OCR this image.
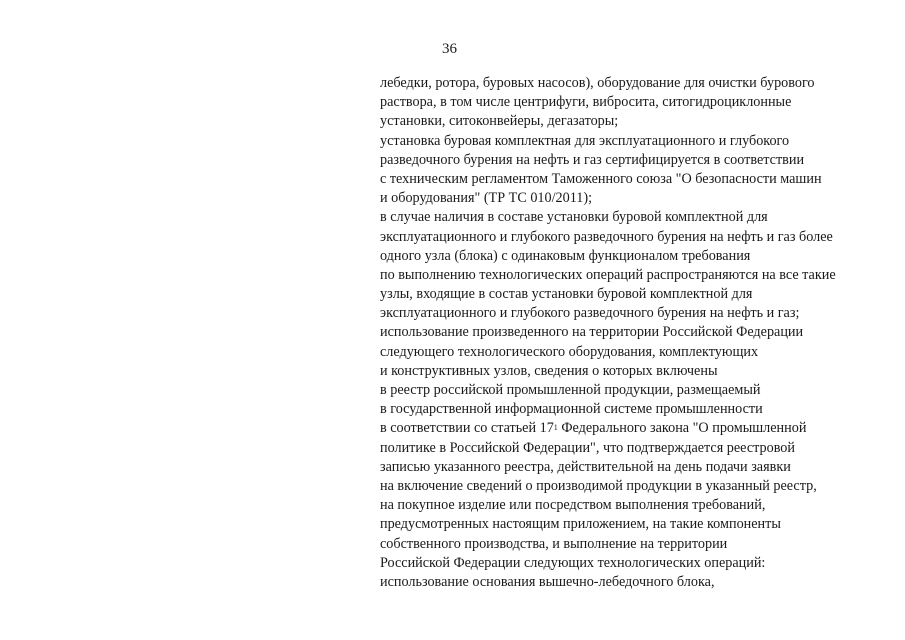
36
лебедки, ротора, буровых насосов), оборудование для очистки бурового
раствора, в том числе центрифуги, вибросита, ситогидроциклонные
установки, ситоконвейеры, дегазаторы;
установка буровая комплектная для эксплуатационного и глубокого
разведочного бурения на нефть и газ сертифицируется в соответствии
с техническим регламентом Таможенного союза "О безопасности машин
и оборудования" (ТР ТС 010/2011);
в случае наличия в составе установки буровой комплектной для
эксплуатационного и глубокого разведочного бурения на нефть и газ более
одного узла (блока) с одинаковым функционалом требования
по выполнению технологических операций распространяются на все такие
узлы, входящие в состав установки буровой комплектной для
эксплуатационного и глубокого разведочного бурения на нефть и газ;
использование произведенного на территории Российской Федерации
следующего технологического оборудования, комплектующих
и конструктивных узлов, сведения о которых включены
в реестр российской промышленной продукции, размещаемый
в государственной информационной системе промышленности
в соответствии со статьей $17^1$ Федерального закона "О промышленной
политике в Российской Федерации", что подтверждается реестровой
записью указанного реестра, действительной на день подачи заявки
на включение сведений о производимой продукции в указанный реестр,
на покупное изделие или посредством выполнения требований,
предусмотренных настоящим приложением, на такие компоненты
собственного производства, и выполнение на территории
Российской Федерации следующих технологических операций:
использование основания вышечно-лебедочного блока,
